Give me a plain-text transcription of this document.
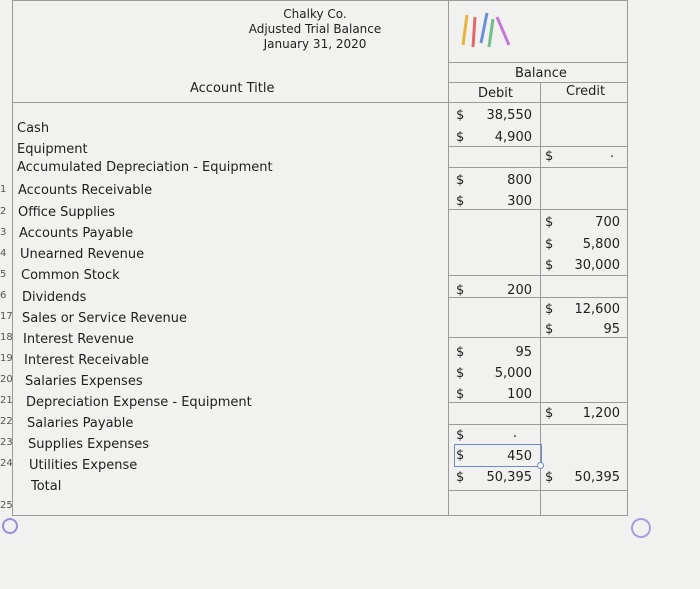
Chalky Co.
Adjusted Trial Balance
January 31, 2020
Account Title
Balance
Debit	Credit
1
2
3
4
5
6
17
18
19
20
21
22
23
24
25
Cash
Equipment
Accumulated Depreciation - Equipment
Accounts Receivable
Office Supplies
Accounts Payable
Unearned Revenue
Common Stock
Dividends
Sales or Service Revenue
Interest Revenue
Interest Receivable
Salaries Expenses
Depreciation Expense - Equipment
Salaries Payable
Supplies Expenses
Utilities Expense
Total
$
$
$
$
$
$
$
$
$
$
$
38,550
4,900
800
300
200
95
5,000
100
.
450
50,395
$
$
$
$
$
$
$
$
.
700
5,800
30,000
12,600
95
1,200
50,395
